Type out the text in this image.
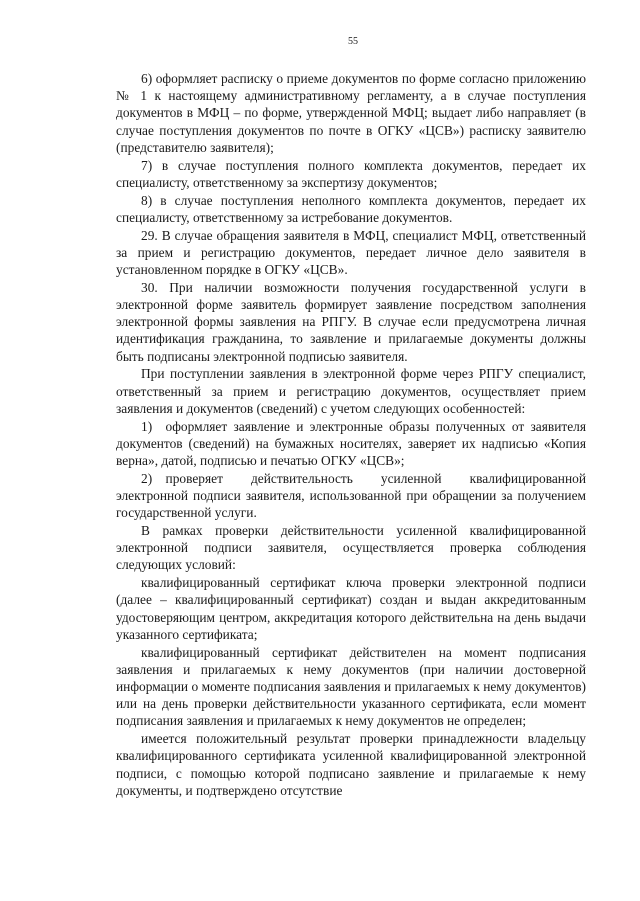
55

6) оформляет расписку о приеме документов по форме согласно приложению № 1 к настоящему административному регламенту, а в случае поступления документов в МФЦ – по форме, утвержденной МФЦ; выдает либо направляет (в случае поступления документов по почте в ОГКУ «ЦСВ») расписку заявителю (представителю заявителя);

7) в случае поступления полного комплекта документов, передает их специалисту, ответственному за экспертизу документов;

8) в случае поступления неполного комплекта документов, передает их специалисту, ответственному за истребование документов.

29. В случае обращения заявителя в МФЦ, специалист МФЦ, ответственный за прием и регистрацию документов, передает личное дело заявителя в установленном порядке в ОГКУ «ЦСВ».

30. При наличии возможности получения государственной услуги в электронной форме заявитель формирует заявление посредством заполнения электронной формы заявления на РПГУ. В случае если предусмотрена личная идентификация гражданина, то заявление и прилагаемые документы должны быть подписаны электронной подписью заявителя.

При поступлении заявления в электронной форме через РПГУ специалист, ответственный за прием и регистрацию документов, осуществляет прием заявления и документов (сведений) с учетом следующих особенностей:

1) оформляет заявление и электронные образы полученных от заявителя документов (сведений) на бумажных носителях, заверяет их надписью «Копия верна», датой, подписью и печатью ОГКУ «ЦСВ»;

2) проверяет действительность усиленной квалифицированной электронной подписи заявителя, использованной при обращении за получением государственной услуги.

В рамках проверки действительности усиленной квалифицированной электронной подписи заявителя, осуществляется проверка соблюдения следующих условий:

квалифицированный сертификат ключа проверки электронной подписи (далее – квалифицированный сертификат) создан и выдан аккредитованным удостоверяющим центром, аккредитация которого действительна на день выдачи указанного сертификата;

квалифицированный сертификат действителен на момент подписания заявления и прилагаемых к нему документов (при наличии достоверной информации о моменте подписания заявления и прилагаемых к нему документов) или на день проверки действительности указанного сертификата, если момент подписания заявления и прилагаемых к нему документов не определен;

имеется положительный результат проверки принадлежности владельцу квалифицированного сертификата усиленной квалифицированной электронной подписи, с помощью которой подписано заявление и прилагаемые к нему документы, и подтверждено отсутствие
